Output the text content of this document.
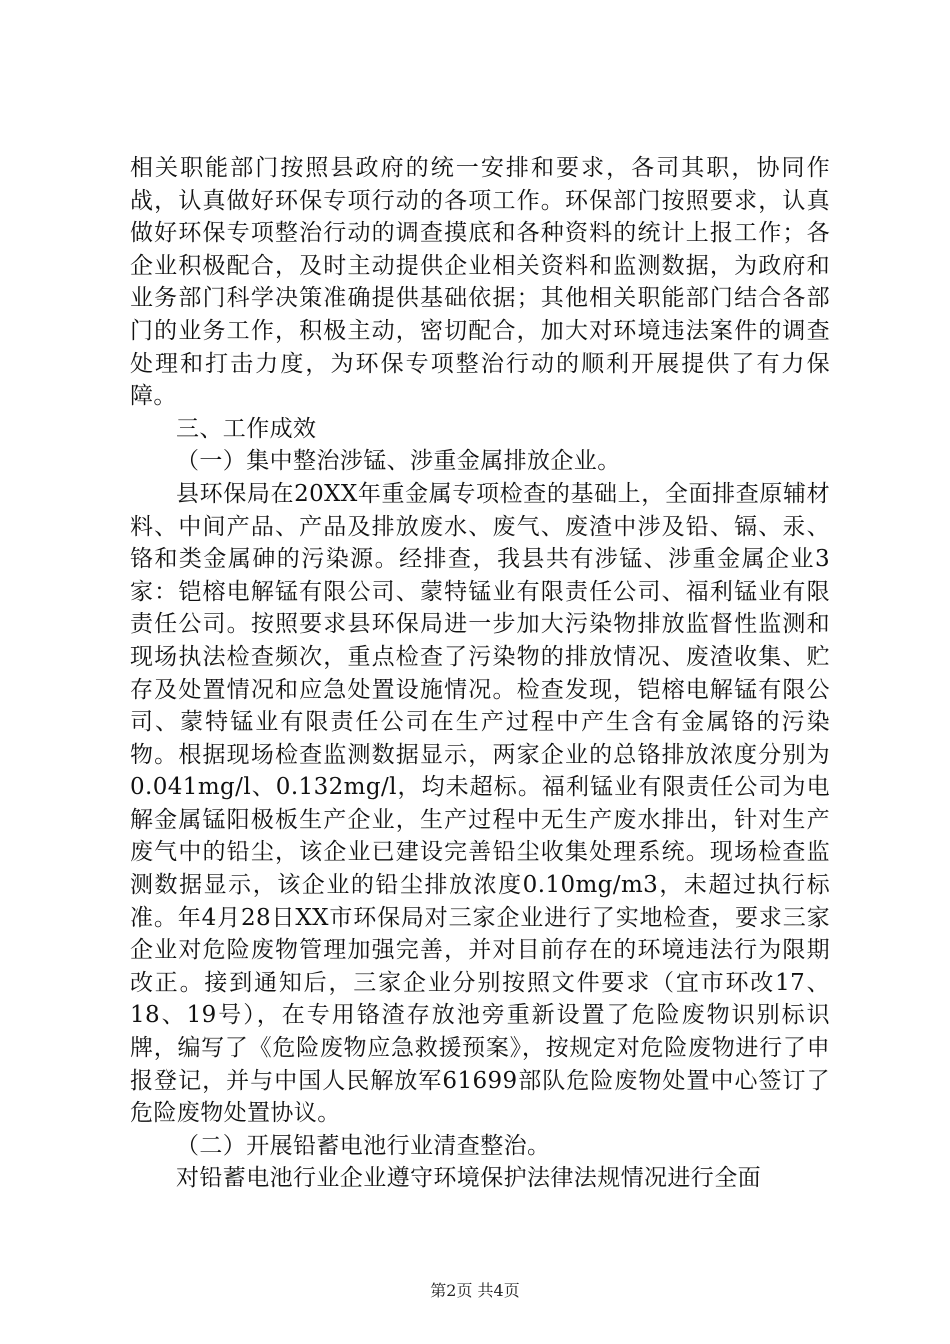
相关职能部门按照县政府的统一安排和要求，各司其职，协同作战，认真做好环保专项行动的各项工作。环保部门按照要求，认真做好环保专项整治行动的调查摸底和各种资料的统计上报工作；各企业积极配合，及时主动提供企业相关资料和监测数据，为政府和业务部门科学决策准确提供基础依据；其他相关职能部门结合各部门的业务工作，积极主动，密切配合，加大对环境违法案件的调查处理和打击力度，为环保专项整治行动的顺利开展提供了有力保障。

三、工作成效

（一）集中整治涉锰、涉重金属排放企业。

县环保局在20XX年重金属专项检查的基础上，全面排查原辅材料、中间产品、产品及排放废水、废气、废渣中涉及铅、镉、汞、铬和类金属砷的污染源。经排查，我县共有涉锰、涉重金属企业3家：铠榕电解锰有限公司、蒙特锰业有限责任公司、福利锰业有限责任公司。按照要求县环保局进一步加大污染物排放监督性监测和现场执法检查频次，重点检查了污染物的排放情况、废渣收集、贮存及处置情况和应急处置设施情况。检查发现，铠榕电解锰有限公司、蒙特锰业有限责任公司在生产过程中产生含有金属铬的污染物。根据现场检查监测数据显示，两家企业的总铬排放浓度分别为0.041mg/l、0.132mg/l，均未超标。福利锰业有限责任公司为电解金属锰阳极板生产企业，生产过程中无生产废水排出，针对生产废气中的铅尘，该企业已建设完善铅尘收集处理系统。现场检查监测数据显示，该企业的铅尘排放浓度0.10mg/m3，未超过执行标准。年4月28日XX市环保局对三家企业进行了实地检查，要求三家企业对危险废物管理加强完善，并对目前存在的环境违法行为限期改正。接到通知后，三家企业分别按照文件要求（宜市环改17、18、19号），在专用铬渣存放池旁重新设置了危险废物识别标识牌，编写了《危险废物应急救援预案》，按规定对危险废物进行了申报登记，并与中国人民解放军61699部队危险废物处置中心签订了危险废物处置协议。

（二）开展铅蓄电池行业清查整治。

对铅蓄电池行业企业遵守环境保护法律法规情况进行全面

第2页 共4页
